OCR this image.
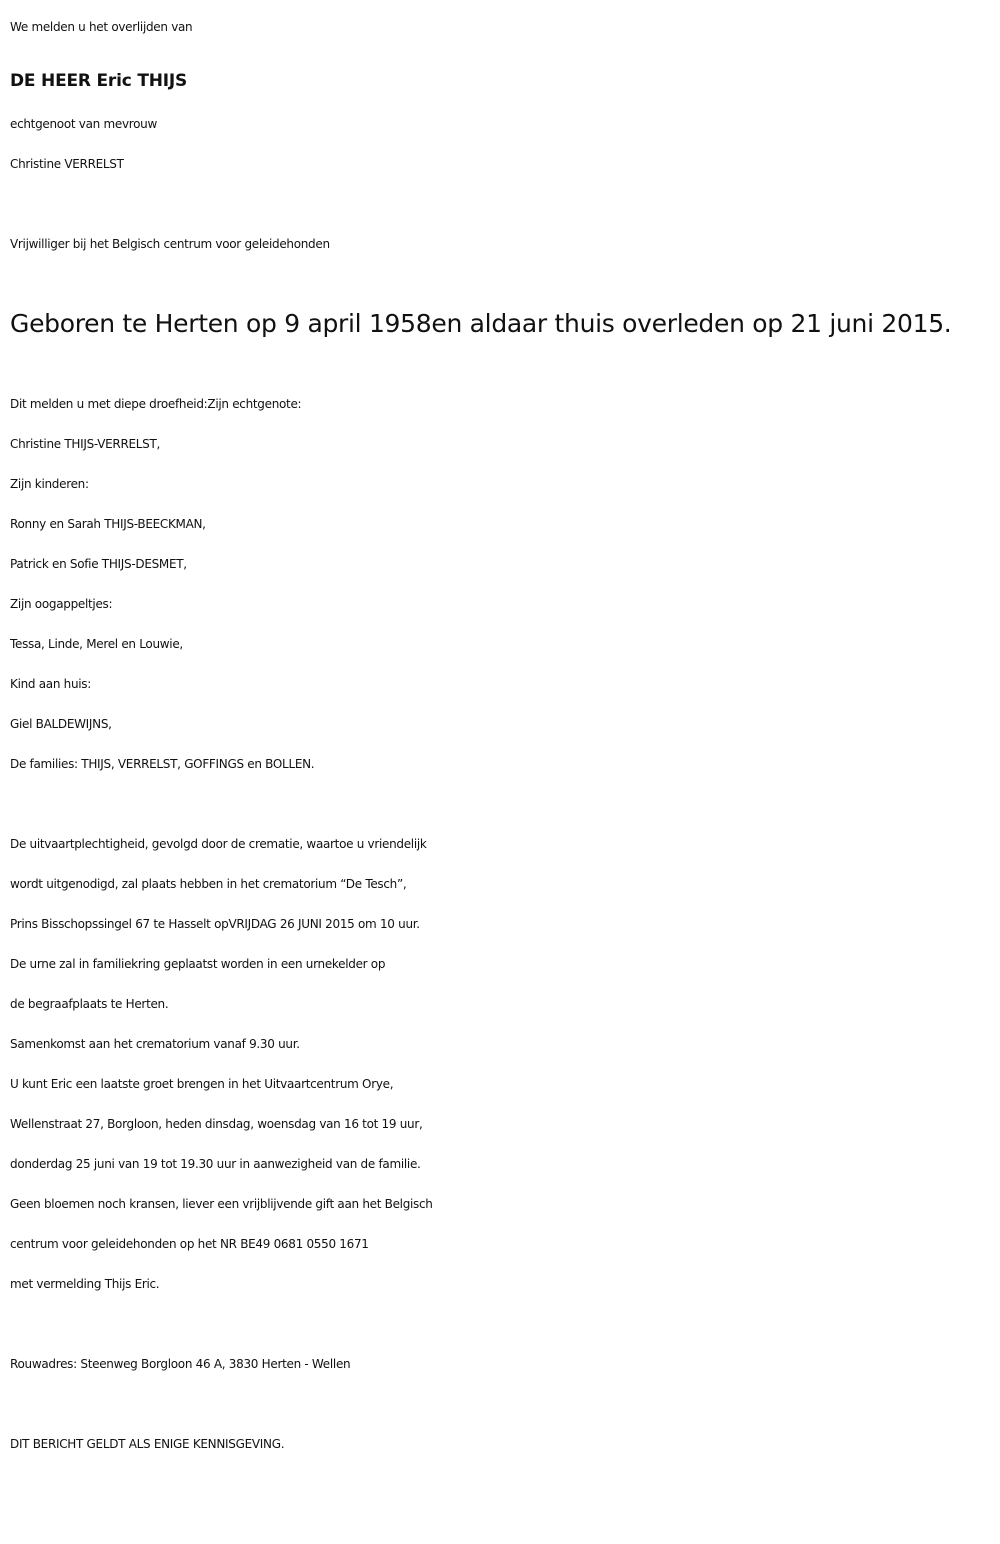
We melden u het overlijden van
DE HEER Eric THIJS
echtgenoot van mevrouw
Christine VERRELST
Vrijwilliger bij het Belgisch centrum voor geleidehonden
Geboren te Herten op 9 april 1958en aldaar thuis overleden op 21 juni 2015.
Dit melden u met diepe droefheid:Zijn echtgenote:
Christine THIJS-VERRELST,
Zijn kinderen:
Ronny en Sarah THIJS-BEECKMAN,
Patrick en Sofie THIJS-DESMET,
Zijn oogappeltjes:
Tessa, Linde, Merel en Louwie,
Kind aan huis:
Giel BALDEWIJNS,
De families: THIJS, VERRELST, GOFFINGS en BOLLEN.
De uitvaartplechtigheid, gevolgd door de crematie, waartoe u vriendelijk
wordt uitgenodigd, zal plaats hebben in het crematorium “De Tesch”,
Prins Bisschopssingel 67 te Hasselt opVRIJDAG 26 JUNI 2015 om 10 uur.
De urne zal in familiekring geplaatst worden in een urnekelder op
de begraafplaats te Herten.
Samenkomst aan het crematorium vanaf 9.30 uur.
U kunt Eric een laatste groet brengen in het Uitvaartcentrum Orye,
Wellenstraat 27, Borgloon, heden dinsdag, woensdag van 16 tot 19 uur,
donderdag 25 juni van 19 tot 19.30 uur in aanwezigheid van de familie.
Geen bloemen noch kransen, liever een vrijblijvende gift aan het Belgisch
centrum voor geleidehonden op het NR BE49 0681 0550 1671
met vermelding Thijs Eric.
Rouwadres: Steenweg Borgloon 46 A, 3830 Herten - Wellen
DIT BERICHT GELDT ALS ENIGE KENNISGEVING.
